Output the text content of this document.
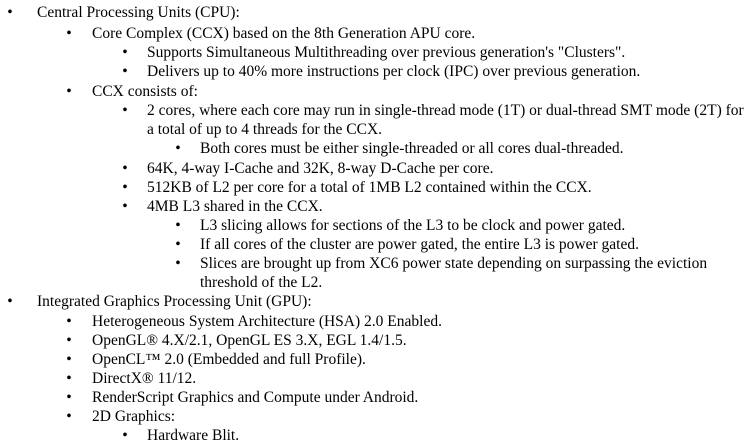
• Central Processing Units (CPU):
• Core Complex (CCX) based on the 8th Generation APU core.
• Supports Simultaneous Multithreading over previous generation's "Clusters".
• Delivers up to 40% more instructions per clock (IPC) over previous generation.
• CCX consists of:
• 2 cores, where each core may run in single-thread mode (1T) or dual-thread SMT mode (2T) for a total of up to 4 threads for the CCX.
• Both cores must be either single-threaded or all cores dual-threaded.
• 64K, 4-way I-Cache and 32K, 8-way D-Cache per core.
• 512KB of L2 per core for a total of 1MB L2 contained within the CCX.
• 4MB L3 shared in the CCX.
• L3 slicing allows for sections of the L3 to be clock and power gated.
• If all cores of the cluster are power gated, the entire L3 is power gated.
• Slices are brought up from XC6 power state depending on surpassing the eviction threshold of the L2.
• Integrated Graphics Processing Unit (GPU):
• Heterogeneous System Architecture (HSA) 2.0 Enabled.
• OpenGL® 4.X/2.1, OpenGL ES 3.X, EGL 1.4/1.5.
• OpenCL™ 2.0 (Embedded and full Profile).
• DirectX® 11/12.
• RenderScript Graphics and Compute under Android.
• 2D Graphics:
• Hardware Blit.
